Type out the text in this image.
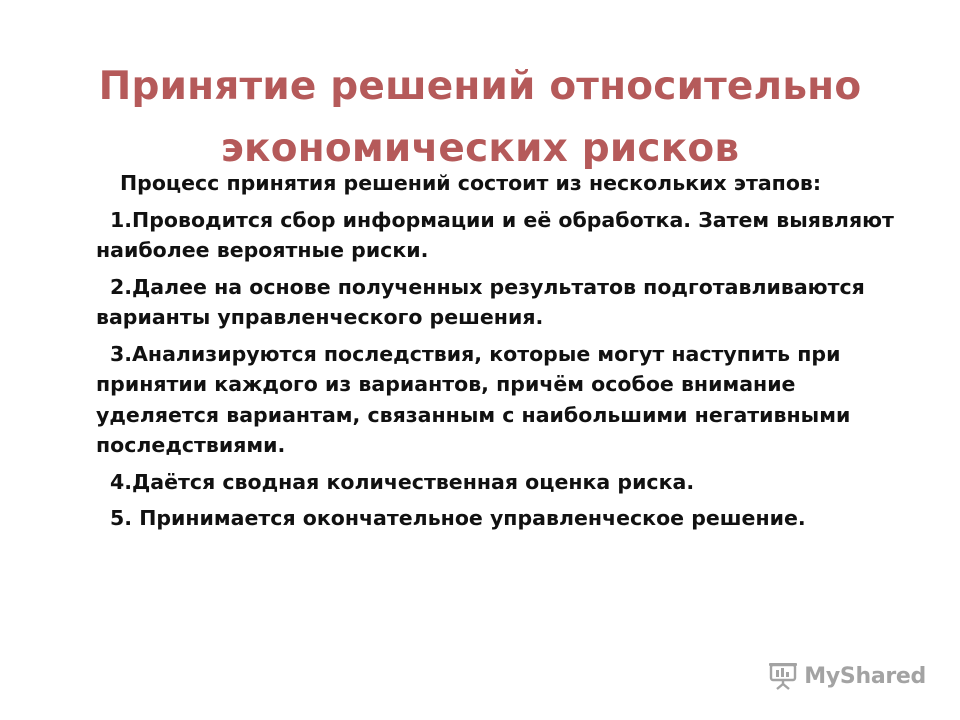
Принятие решений относительно
экономических рисков

Процесс принятия решений состоит из нескольких этапов:

1.Проводится сбор информации и её обработка. Затем выявляют наиболее вероятные риски.

2.Далее на основе полученных результатов подготавливаются варианты управленческого решения.

3.Анализируются последствия, которые могут наступить при принятии каждого из вариантов, причём особое внимание уделяется вариантам, связанным с наибольшими негативными последствиями.

4.Даётся сводная количественная оценка риска.

5. Принимается окончательное управленческое решение.

MyShared
